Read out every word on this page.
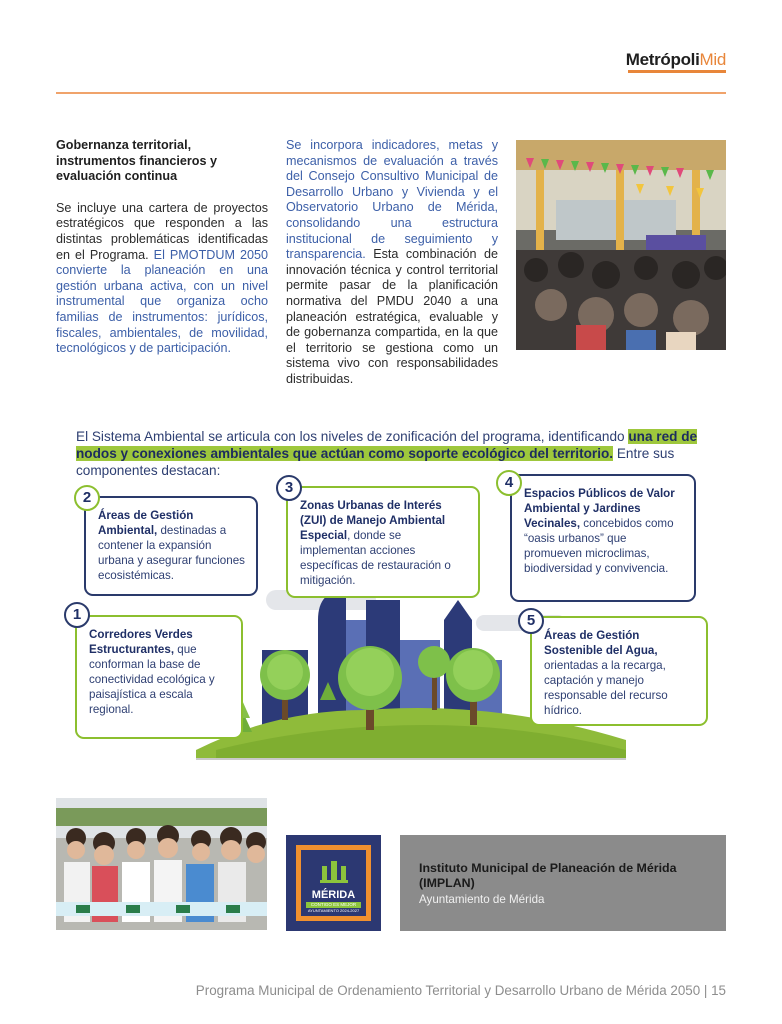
MetrópoliMid
Gobernanza territorial, instrumentos financieros y evaluación continua
Se incluye una cartera de proyectos estratégicos que responden a las distintas problemáticas identificadas en el Programa. El PMOTDUM 2050 convierte la planeación en una gestión urbana activa, con un nivel instrumental que organiza ocho familias de instrumentos: jurídicos, fiscales, ambientales, de movilidad, tecnológicos y de participación.
Se incorpora indicadores, metas y mecanismos de evaluación a través del Consejo Consultivo Municipal de Desarrollo Urbano y Vivienda y el Observatorio Urbano de Mérida, consolidando una estructura institucional de seguimiento y transparencia. Esta combinación de innovación técnica y control territorial permite pasar de la planificación normativa del PMDU 2040 a una planeación estratégica, evaluable y de gobernanza compartida, en la que el territorio se gestiona como un sistema vivo con responsabilidades distribuidas.
El Sistema Ambiental se articula con los niveles de zonificación del programa, identificando una red de nodos y conexiones ambientales que actúan como soporte ecológico del territorio. Entre sus componentes destacan:
Áreas de Gestión Ambiental, destinadas a contener la expansión urbana y asegurar funciones ecosistémicas.
2	Zonas Urbanas de Interés (ZUI) de Manejo Ambiental Especial, donde se implementan acciones específicas de restauración o mitigación.
3	Espacios Públicos de Valor Ambiental y Jardines Vecinales, concebidos como “oasis urbanos” que promueven microclimas, biodiversidad y convivencia.
4
Corredores Verdes Estructurantes, que conforman la base de conectividad ecológica y paisajística a escala regional.
1
Áreas de Gestión Sostenible del Agua, orientadas a la recarga, captación y manejo responsable del recurso hídrico.
5
MÉRIDA
CONTIGO ES MEJOR
AYUNTAMIENTO 2024-2027
Instituto Municipal de Planeación de Mérida (IMPLAN)
Ayuntamiento de Mérida
Programa Municipal de Ordenamiento Territorial y Desarrollo Urbano de Mérida 2050 | 15
